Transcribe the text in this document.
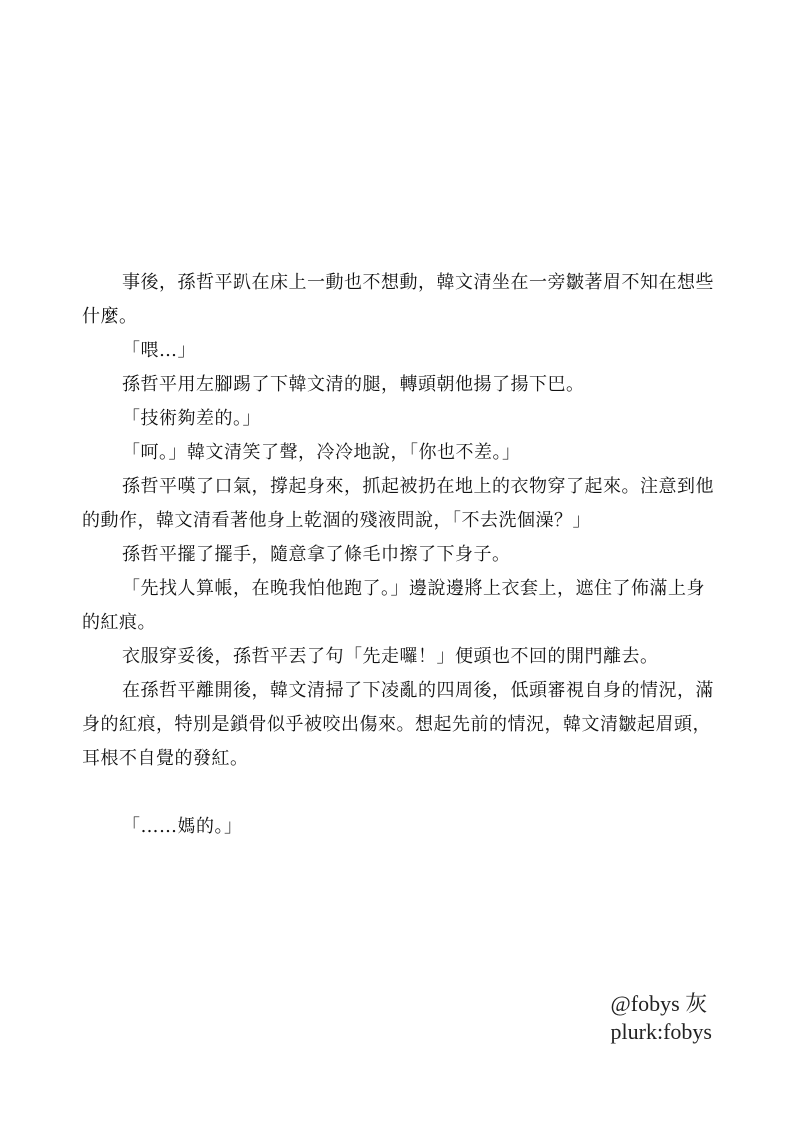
事後，孫哲平趴在床上一動也不想動，韓文清坐在一旁皺著眉不知在想些什麼。

「喂…」

孫哲平用左腳踢了下韓文清的腿，轉頭朝他揚了揚下巴。

「技術夠差的。」

「呵。」韓文清笑了聲，冷冷地說，「你也不差。」

孫哲平嘆了口氣，撐起身來，抓起被扔在地上的衣物穿了起來。注意到他的動作，韓文清看著他身上乾涸的殘液問說，「不去洗個澡？」

孫哲平擺了擺手，隨意拿了條毛巾擦了下身子。

「先找人算帳，在晚我怕他跑了。」邊說邊將上衣套上，遮住了佈滿上身的紅痕。

衣服穿妥後，孫哲平丟了句「先走囉！」便頭也不回的開門離去。

在孫哲平離開後，韓文清掃了下凌亂的四周後，低頭審視自身的情況，滿身的紅痕，特別是鎖骨似乎被咬出傷來。想起先前的情況，韓文清皺起眉頭，耳根不自覺的發紅。

「……媽的。」

@fobys 灰
plurk:fobys
